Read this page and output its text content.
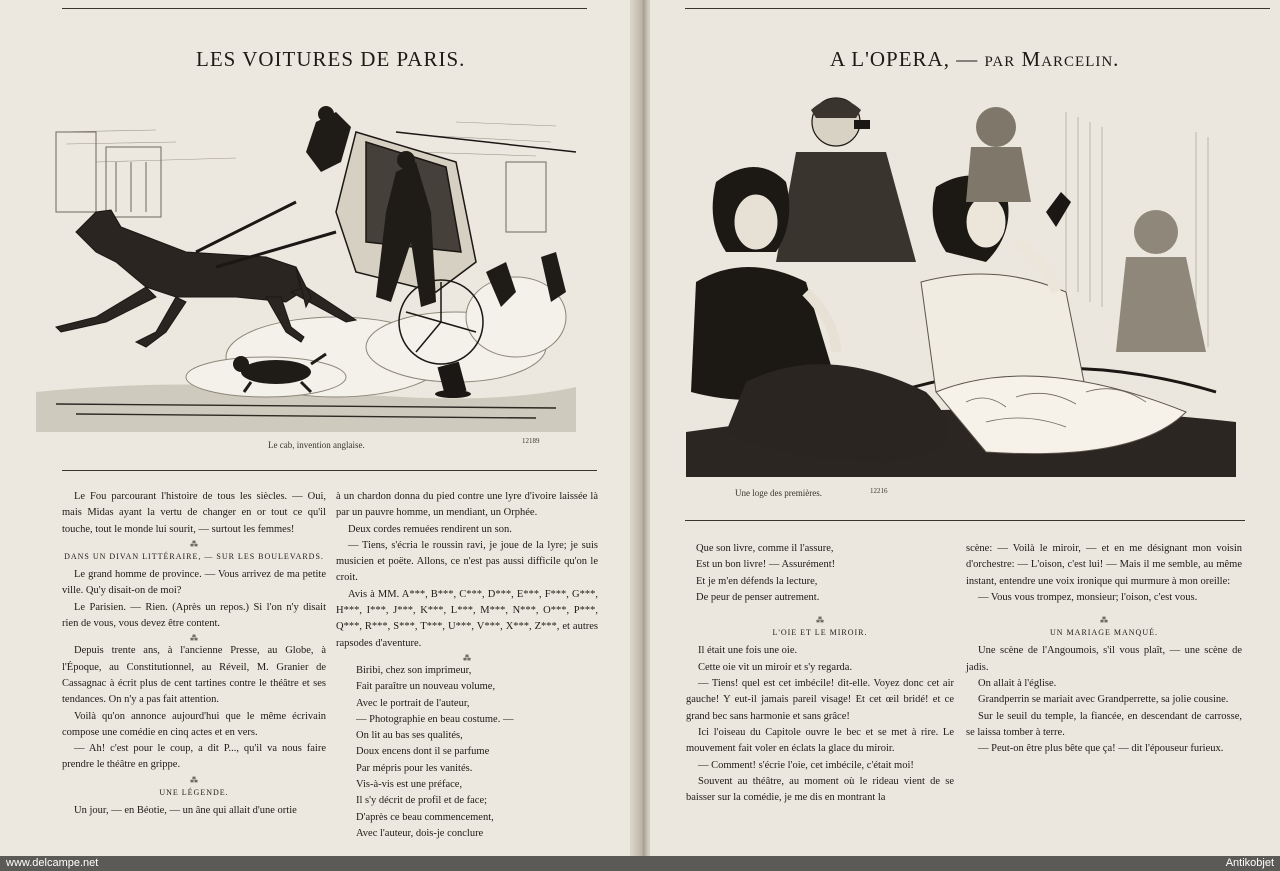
LES VOITURES DE PARIS.
Le cab, invention anglaise.	12189

Le Fou parcourant l'histoire de tous les siècles. — Oui, mais Midas ayant la vertu de changer en or tout ce qu'il touche, tout le monde lui sourit, — surtout les femmes!

⁂
DANS UN DIVAN LITTÉRAIRE, — SUR LES BOULEVARDS.

Le grand homme de province. — Vous arrivez de ma petite ville. Qu'y disait-on de moi?

Le Parisien. — Rien. (Après un repos.) Si l'on n'y disait rien de vous, vous devez être content.

⁂

Depuis trente ans, à l'ancienne Presse, au Globe, à l'Époque, au Constitutionnel, au Réveil, M. Granier de Cassagnac à écrit plus de cent tartines contre le théâtre et ses tendances. On n'y a pas fait attention.

Voilà qu'on annonce aujourd'hui que le même écrivain compose une comédie en cinq actes et en vers.

— Ah! c'est pour le coup, a dit P..., qu'il va nous faire prendre le théâtre en grippe.

⁂
UNE LÉGENDE.

Un jour, — en Béotie, — un âne qui allait d'une ortie

à un chardon donna du pied contre une lyre d'ivoire laissée là par un pauvre homme, un mendiant, un Orphée.

Deux cordes remuées rendirent un son.

— Tiens, s'écria le roussin ravi, je joue de la lyre; je suis musicien et poëte. Allons, ce n'est pas aussi difficile qu'on le croit.

Avis à MM. A***, B***, C***, D***, E***, F***, G***, H***, I***, J***, K***, L***, M***, N***, O***, P***, Q***, R***, S***, T***, U***, V***, X***, Z***, et autres rapsodes d'aventure.

⁂
Biribi, chez son imprimeur,
Fait paraître un nouveau volume,
Avec le portrait de l'auteur,
— Photographie en beau costume. —
On lit au bas ses qualités,
Doux encens dont il se parfume
Par mépris pour les vanités.
Vis-à-vis est une préface,
Il s'y décrit de profil et de face;
D'après ce beau commencement,
Avec l'auteur, dois-je conclure
A L'OPERA, — par Marcelin.
Une loge des premières.	12216
Que son livre, comme il l'assure,
Est un bon livre! — Assurément!
Et je m'en défends la lecture,
De peur de penser autrement.
⁂
L'OIE ET LE MIROIR.

Il était une fois une oie.

Cette oie vit un miroir et s'y regarda.

— Tiens! quel est cet imbécile! dit-elle. Voyez donc cet air gauche! Y eut-il jamais pareil visage! Et cet œil bridé! et ce grand bec sans harmonie et sans grâce!

Ici l'oiseau du Capitole ouvre le bec et se met à rire. Le mouvement fait voler en éclats la glace du miroir.

— Comment! s'écrie l'oie, cet imbécile, c'était moi!

Souvent au théâtre, au moment où le rideau vient de se baisser sur la comédie, je me dis en montrant la

scène: — Voilà le miroir, — et en me désignant mon voisin d'orchestre: — L'oison, c'est lui! — Mais il me semble, au même instant, entendre une voix ironique qui murmure à mon oreille:

— Vous vous trompez, monsieur; l'oison, c'est vous.

⁂
UN MARIAGE MANQUÉ.

Une scène de l'Angoumois, s'il vous plaît, — une scène de jadis.

On allait à l'église.

Grandperrin se mariait avec Grandperrette, sa jolie cousine.

Sur le seuil du temple, la fiancée, en descendant de carrosse, se laissa tomber à terre.

— Peut-on être plus bête que ça! — dit l'épouseur furieux.

www.delcampe.net	Antikobjet
